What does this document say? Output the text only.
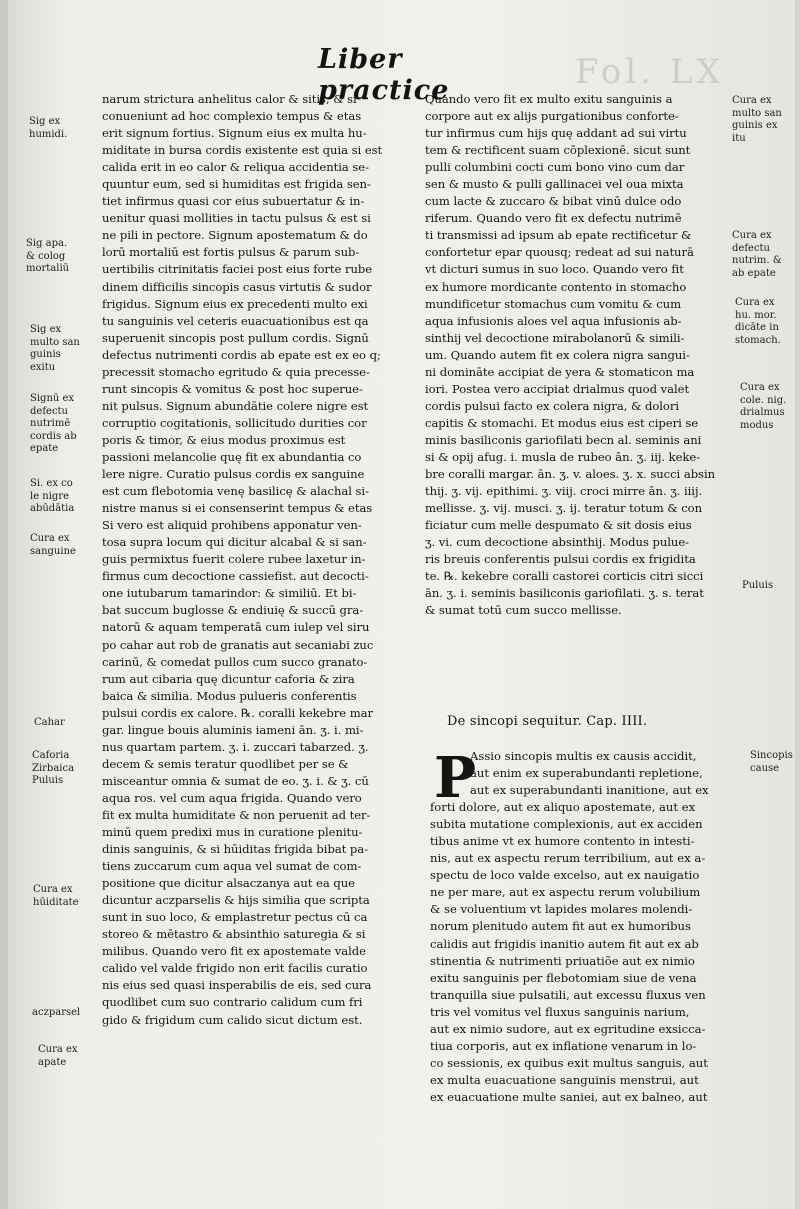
Fol. LX
Liber practice
narum strictura anhelitus calor & sitis, & si
conueniunt ad hoc complexio tempus & etas
erit signum fortius. Signum eius ex multa hu-
miditate in bursa cordis existente est quia si est
calida erit in eo calor & reliqua accidentia se-
quuntur eum, sed si humiditas est frigida sen-
tiet infirmus quasi cor eius subuertatur & in-
uenitur quasi mollities in tactu pulsus & est si
ne pili in pectore. Signum apostematum & do
lorū mortaliū est fortis pulsus & parum sub-
uertibilis citrinitatis faciei post eius forte rube
dinem difficilis sincopis casus virtutis & sudor
frigidus. Signum eius ex precedenti multo exi
tu sanguinis vel ceteris euacuationibus est qa
superuenit sincopis post pullum cordis. Signū
defectus nutrimenti cordis ab epate est ex eo q;
precessit stomacho egritudo & quia precesse-
runt sincopis & vomitus & post hoc superue-
nit pulsus. Signum abundātie colere nigre est
corruptio cogitationis, sollicitudo durities cor
poris & timor, & eius modus proximus est
passioni melancolie quę fit ex abundantia co
lere nigre. Curatio pulsus cordis ex sanguine
est cum flebotomia venę basilicę & alachal si-
nistre manus si ei consenserint tempus & etas
Si vero est aliquid prohibens apponatur ven-
tosa supra locum qui dicitur alcabal & si san-
guis permixtus fuerit colere rubee laxetur in-
firmus cum decoctione cassiefist. aut decocti-
one iutubarum tamarindor: & similiū. Et bi-
bat succum buglosse & endiuię & succū gra-
natorū & aquam temperatā cum iulep vel siru
po cahar aut rob de granatis aut secaniabi zuc
carinū, & comedat pullos cum succo granato-
rum aut cibaria quę dicuntur caforia & zira
baica & similia. Modus pulueris conferentis
pulsui cordis ex calore. ℞. coralli kekebre mar
gar. lingue bouis aluminis iameni ān. ʒ. i. mi-
nus quartam partem. ʒ. i. zuccari tabarzed. ʒ.
decem & semis teratur quodlibet per se &
misceantur omnia & sumat de eo. ʒ. i. & ʒ. cū
aqua ros. vel cum aqua frigida. Quando vero
fit ex multa humiditate & non peruenit ad ter-
minū quem predixi mus in curatione plenitu-
dinis sanguinis, & si hūiditas frigida bibat pa-
tiens zuccarum cum aqua vel sumat de com-
positione que dicitur alsaczanya aut ea que
dicuntur aczparselis & hijs similia que scripta
sunt in suo loco, & emplastretur pectus cū ca
storeo & mētastro & absinthio saturegia & si
milibus. Quando vero fit ex apostemate valde
calido vel valde frigido non erit facilis curatio
nis eius sed quasi insperabilis de eis, sed cura
quodlibet cum suo contrario calidum cum fri
gido & frigidum cum calido sicut dictum est.
Quando vero fit ex multo exitu sanguinis a
corpore aut ex alijs purgationibus conforte-
tur infirmus cum hijs quę addant ad sui virtu
tem & rectificent suam cōplexionē. sicut sunt
pulli columbini cocti cum bono vino cum dar
sen & musto & pulli gallinacei vel oua mixta
cum lacte & zuccaro & bibat vinū dulce odo
riferum. Quando vero fit ex defectu nutrimē
ti transmissi ad ipsum ab epate rectificetur &
confortetur epar quousq; redeat ad sui naturā
vt dicturi sumus in suo loco. Quando vero fit
ex humore mordicante contento in stomacho
mundificetur stomachus cum vomitu & cum
aqua infusionis aloes vel aqua infusionis ab-
sinthij vel decoctione mirabolanorū & simili-
um. Quando autem fit ex colera nigra sangui-
ni domināte accipiat de yera & stomaticon ma
iori. Postea vero accipiat drialmus quod valet
cordis pulsui facto ex colera nigra, & dolori
capitis & stomachi. Et modus eius est ciperi se
minis basiliconis gariofilati becn al. seminis ani
si & opij afug. i. musla de rubeo ān. ʒ. iij. keke-
bre coralli margar. ān. ʒ. v. aloes. ʒ. x. succi absin
thij. ʒ. vij. epithimi. ʒ. viij. croci mirre ān. ʒ. iiij.
mellisse. ʒ. vij. musci. ʒ. ij. teratur totum & con
ficiatur cum melle despumato & sit dosis eius
ʒ. vi. cum decoctione absinthij. Modus pulue-
ris breuis conferentis pulsui cordis ex frigidita
te. ℞. kekebre coralli castorei corticis citri sicci
ān. ʒ. i. seminis basiliconis gariofilati. ʒ. s. terat
& sumat totū cum succo mellisse.
De sincopi sequitur. Cap. IIII.
P
Assio sincopis multis ex causis accidit,
aut enim ex superabundanti repletione,
aut ex superabundanti inanitione, aut ex
forti dolore, aut ex aliquo apostemate, aut ex
subita mutatione complexionis, aut ex acciden
tibus anime vt ex humore contento in intesti-
nis, aut ex aspectu rerum terribilium, aut ex a-
spectu de loco valde excelso, aut ex nauigatio
ne per mare, aut ex aspectu rerum volubilium
& se voluentium vt lapides molares molendi-
norum plenitudo autem fit aut ex humoribus
calidis aut frigidis inanitio autem fit aut ex ab
stinentia & nutrimenti priuatiõe aut ex nimio
exitu sanguinis per flebotomiam siue de vena
tranquilla siue pulsatili, aut excessu fluxus ven
tris vel vomitus vel fluxus sanguinis narium,
aut ex nimio sudore, aut ex egritudine exsicca-
tiua corporis, aut ex inflatione venarum in lo-
co sessionis, ex quibus exit multus sanguis, aut
ex multa euacuatione sanguinis menstrui, aut
ex euacuatione multe saniei, aut ex balneo, aut
Sig ex
humidi.
Sig apa.
& colog
mortaliū
Sig ex
multo san
guinis
exitu
Signū ex
defectu
nutrimē
cordis ab
epate
Si. ex co
le nigre
abūdātia
Cura ex
sanguine
Cahar
Caforia
Zirbaica
Puluis
Cura ex
hūiditate
aczparsel
Cura ex
apate
Cura ex
multo san
guinis ex
itu
Cura ex
defectu
nutrim. &
ab epate
Cura ex
hu. mor.
dicāte in
stomach.
Cura ex
cole. nig.
drialmus
modus
Puluis
Sincopis
cause
